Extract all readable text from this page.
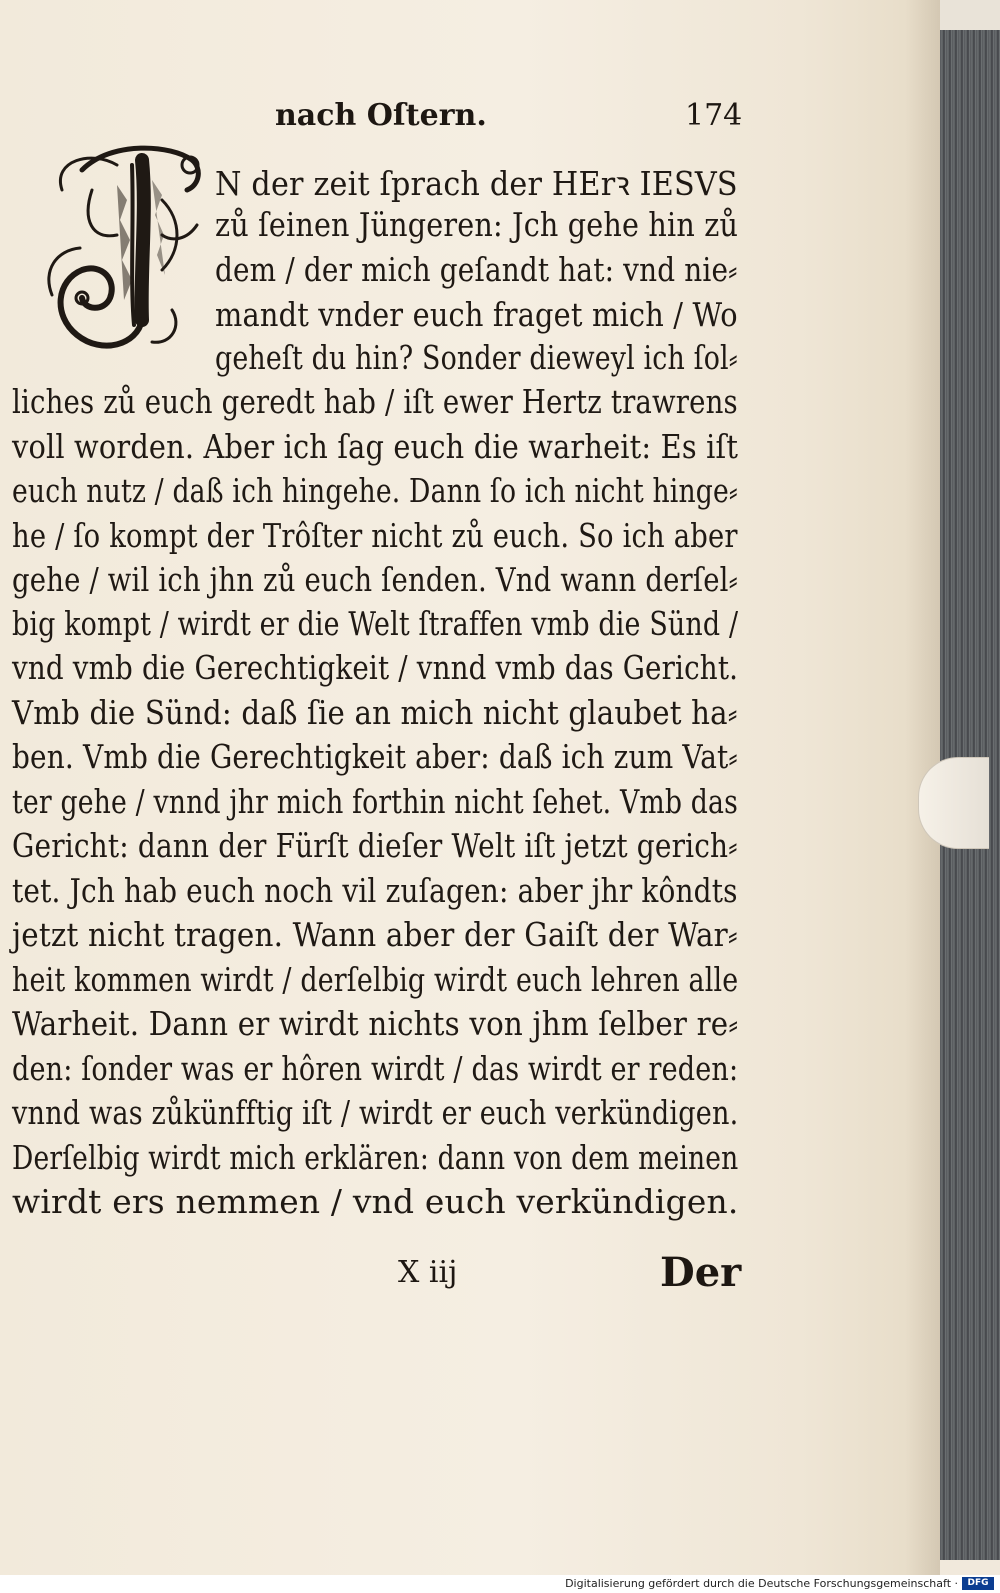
nach Oſtern.	174
N der zeit ſprach der HErꝛ IESVS
zů ſeinen Jüngeren: Jch gehe hin zů
dem / der mich geſandt hat: vnd nie⸗
mandt vnder euch fraget mich / Wo
geheſt du hin? Sonder dieweyl ich ſol⸗
liches zů euch geredt hab / iſt ewer Hertz trawrens
voll worden. Aber ich ſag euch die warheit: Es iſt
euch nutz / daß ich hingehe. Dann ſo ich nicht hinge⸗
he / ſo kompt der Trôſter nicht zů euch. So ich aber
gehe / wil ich jhn zů euch ſenden. Vnd wann derſel⸗
big kompt / wirdt er die Welt ſtraffen vmb die Sünd /
vnd vmb die Gerechtigkeit / vnnd vmb das Gericht.
Vmb die Sünd: daß ſie an mich nicht glaubet ha⸗
ben. Vmb die Gerechtigkeit aber: daß ich zum Vat⸗
ter gehe / vnnd jhr mich forthin nicht ſehet. Vmb das
Gericht: dann der Fürſt dieſer Welt iſt jetzt gerich⸗
tet. Jch hab euch noch vil zuſagen: aber jhr kôndts
jetzt nicht tragen. Wann aber der Gaiſt der War⸗
heit kommen wirdt / derſelbig wirdt euch lehren alle
Warheit. Dann er wirdt nichts von jhm ſelber re⸗
den: ſonder was er hôren wirdt / das wirdt er reden:
vnnd was zůkünfftig iſt / wirdt er euch verkündigen.
Derſelbig wirdt mich erklären: dann von dem meinen
wirdt ers nemmen / vnd euch verkündigen.
X iij	Der
Digitalisierung gefördert durch die Deutsche Forschungsgemeinschaft ·	DFG
